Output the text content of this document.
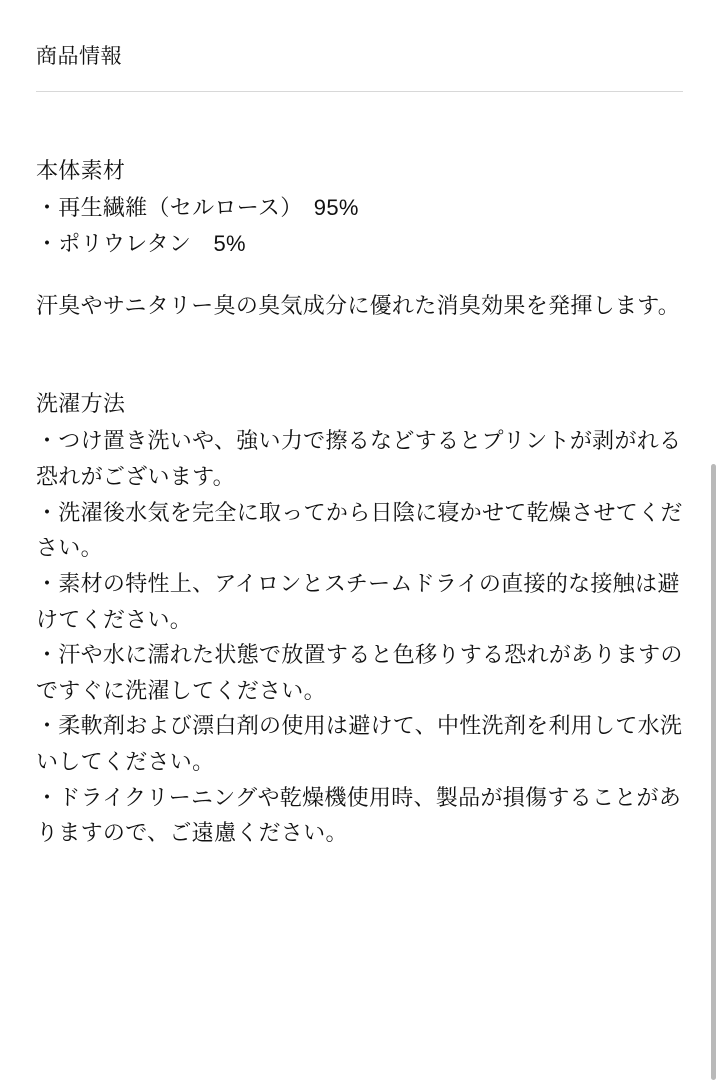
商品情報

本体素材

・再生繊維（セルロース）　95%

・ポリウレタン　5%

汗臭やサニタリー臭の臭気成分に優れた消臭効果を発揮します。

洗濯方法

・つけ置き洗いや、強い力で擦るなどするとプリントが剥がれる恐れがございます。

・洗濯後水気を完全に取ってから日陰に寝かせて乾燥させてください。

・素材の特性上、アイロンとスチームドライの直接的な接触は避けてください。

・汗や水に濡れた状態で放置すると色移りする恐れがありますのですぐに洗濯してください。

・柔軟剤および漂白剤の使用は避けて、中性洗剤を利用して水洗いしてください。

・ドライクリーニングや乾燥機使用時、製品が損傷することがありますので、ご遠慮ください。
